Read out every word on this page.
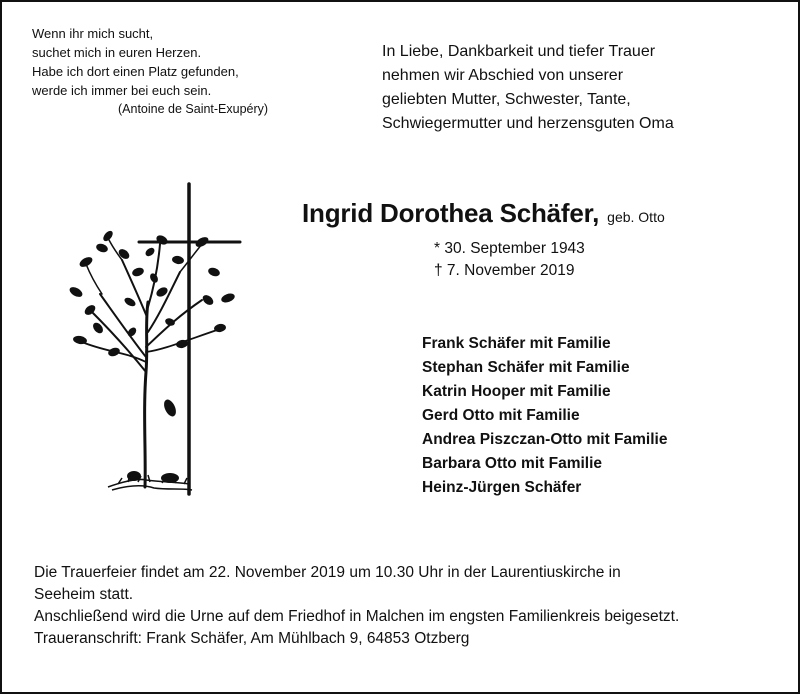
Wenn ihr mich sucht,
suchet mich in euren Herzen.
Habe ich dort einen Platz gefunden,
werde ich immer bei euch sein.
(Antoine de Saint-Exupéry)
In Liebe, Dankbarkeit und tiefer Trauer
nehmen wir Abschied von unserer
geliebten Mutter, Schwester, Tante,
Schwiegermutter und herzensguten Oma
Ingrid Dorothea Schäfer, geb. Otto
* 30. September 1943
† 7. November 2019
Frank Schäfer mit Familie
Stephan Schäfer mit Familie
Katrin Hooper mit Familie
Gerd Otto mit Familie
Andrea Piszczan-Otto mit Familie
Barbara Otto mit Familie
Heinz-Jürgen Schäfer
Die Trauerfeier findet am 22. November 2019 um 10.30 Uhr in der Laurentiuskirche in
Seeheim statt.
Anschließend wird die Urne auf dem Friedhof in Malchen im engsten Familienkreis beigesetzt.
Traueranschrift: Frank Schäfer, Am Mühlbach 9, 64853 Otzberg
